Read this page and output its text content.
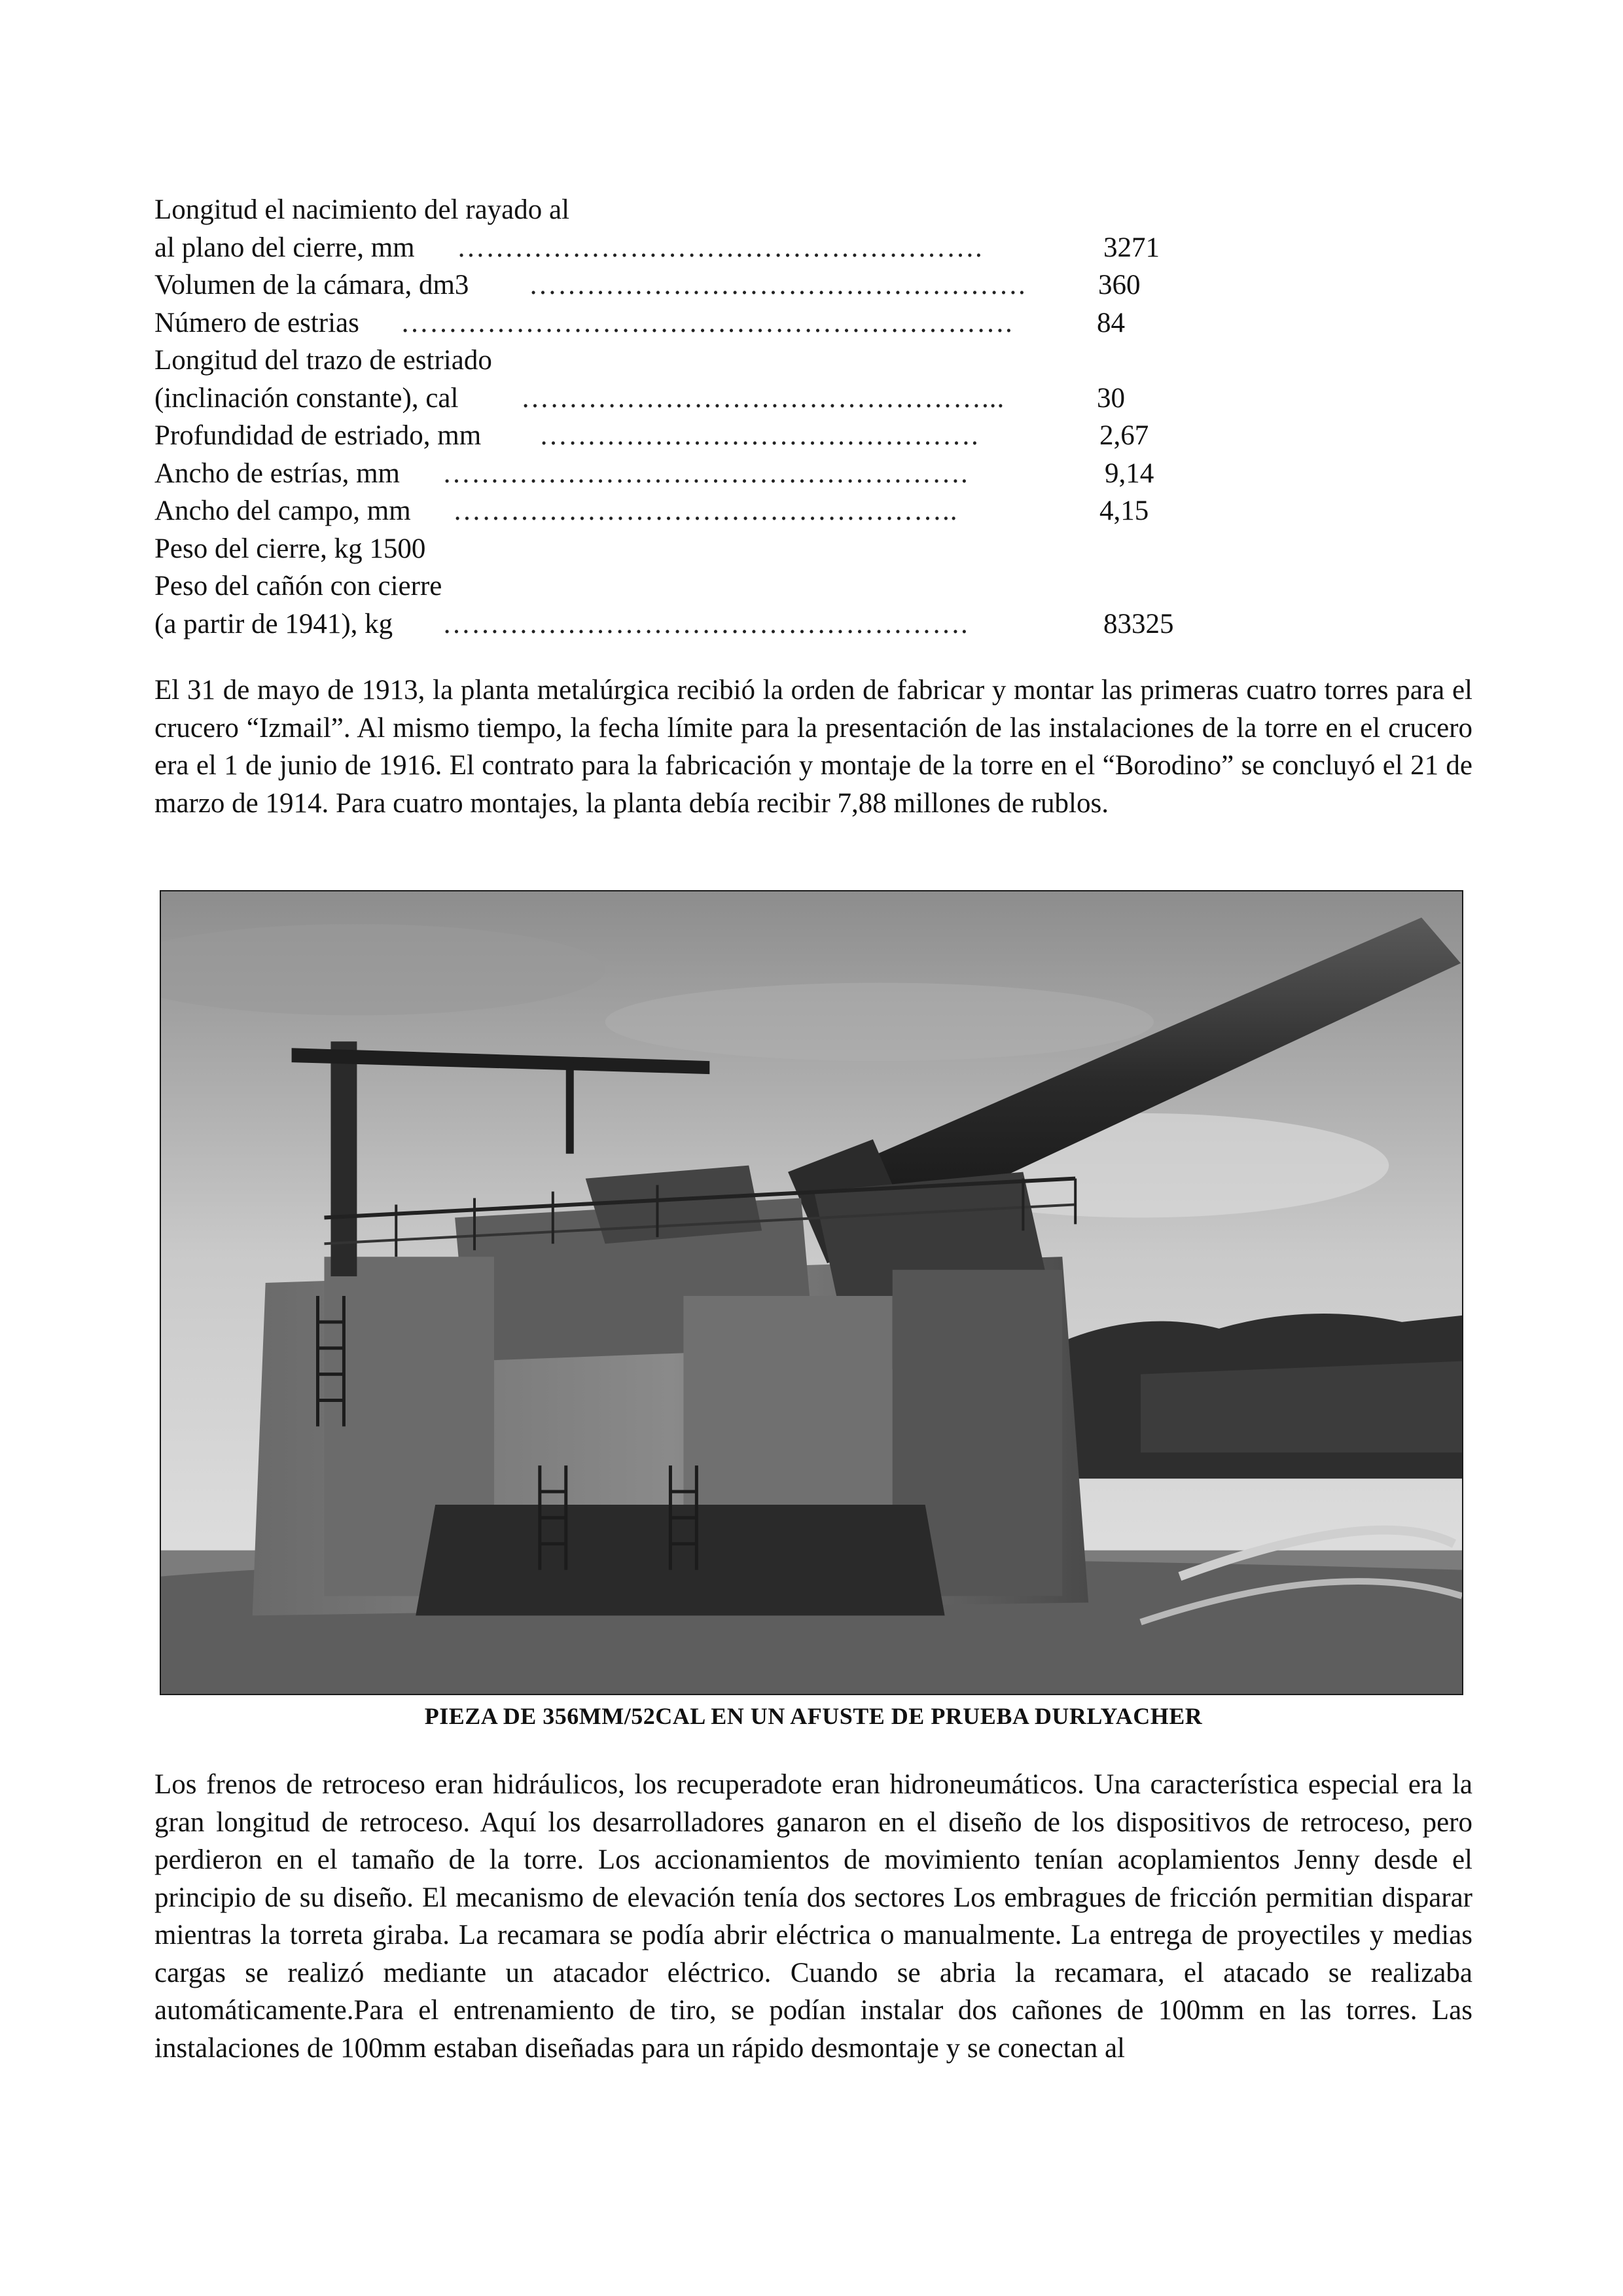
Longitud el nacimiento del rayado al
al plano del cierre, mm ……………………………………………….	3271
Volumen de la cámara, dm3 …………………………………………….	360
Número de estrias ……………………………………………………….	84
Longitud del trazo de estriado
(inclinación constante), cal …………………………………………...	30
Profundidad de estriado, mm ……………………………………….	2,67
Ancho de estrías, mm ……………………………………………….	9,14
Ancho del campo, mm ……………………………………………..	4,15
Peso del cierre, kg 1500
Peso del cañón con cierre
(a partir de 1941), kg ……………………………………………….	83325

El 31 de mayo de 1913, la planta metalúrgica recibió la orden de fabricar y montar las primeras cuatro torres para el crucero “Izmail”. Al mismo tiempo, la fecha límite para la presentación de las instalaciones de la torre en el crucero era el 1 de junio de 1916. El contrato para la fabricación y montaje de la torre en el “Borodino” se concluyó el 21 de marzo de 1914. Para cuatro montajes, la planta debía recibir 7,88 millones de rublos.

PIEZA DE 356MM/52CAL EN UN AFUSTE DE PRUEBA DURLYACHER

Los frenos de retroceso eran hidráulicos, los recuperadote eran hidroneumáticos. Una característica especial era la gran longitud de retroceso. Aquí los desarrolladores ganaron en el diseño de los dispositivos de retroceso, pero perdieron en el tamaño de la torre. Los accionamientos de movimiento tenían acoplamientos Jenny desde el principio de su diseño. El mecanismo de elevación tenía dos sectores Los embragues de fricción permitian disparar mientras la torreta giraba. La recamara se podía abrir eléctrica o manualmente. La entrega de proyectiles y medias cargas se realizó mediante un atacador eléctrico. Cuando se abria la recamara, el atacado se realizaba automáticamente.Para el entrenamiento de tiro, se podían instalar dos cañones de 100mm en las torres. Las instalaciones de 100mm estaban diseñadas para un rápido desmontaje y se conectan al
